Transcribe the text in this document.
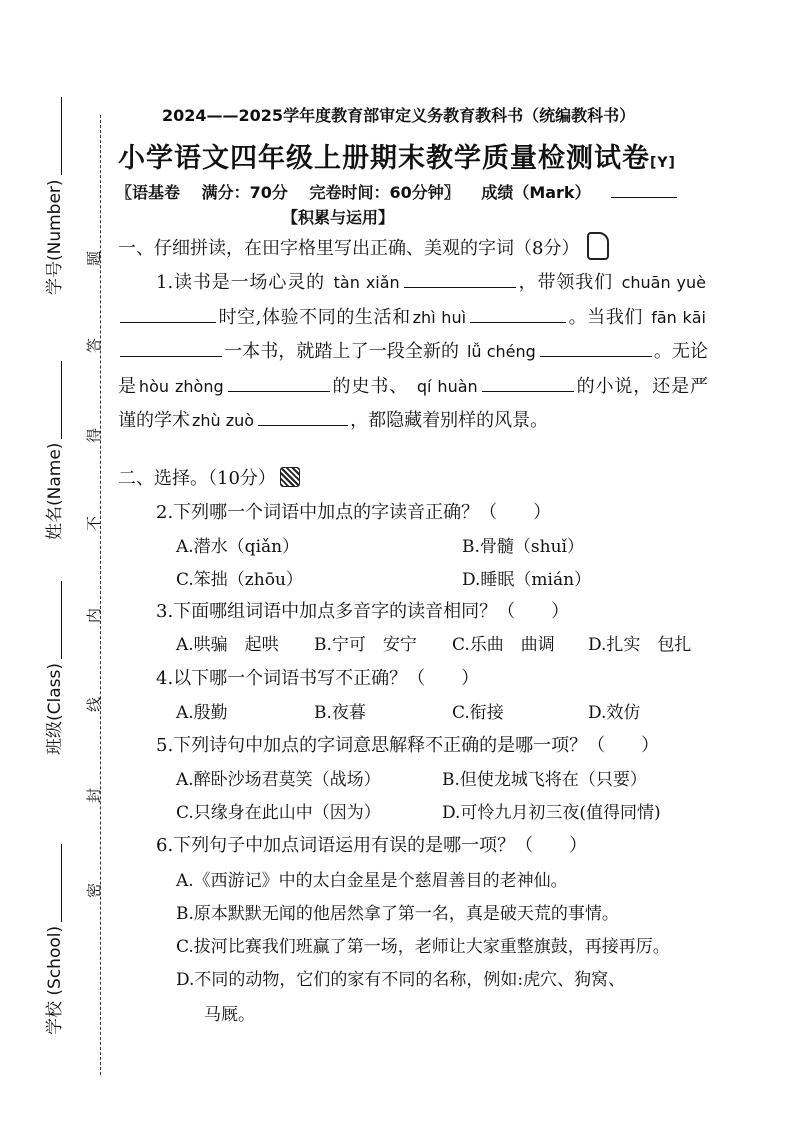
学号(Number)
姓名(Name)
班级(Class)
学校 (School)
题
答
得
不
内
线
封
密
2024——2025学年度教育部审定义务教育教科书（统编教科书）
小学语文四年级上册期末教学质量检测试卷[Y]
〖语基卷 满分：70分 完卷时间：60分钟〗 成绩（Mark）
【积累与运用】
一、仔细拼读，在田字格里写出正确、美观的字词（8分）
1.读书是一场心灵的 tàn xiǎn	，带领我们 chuān yuè时空,体验不同的生活和 zhì huì	。当我们 fān kāi一本书，就踏上了一段全新的 lǚ chéng	。无论是 hòu zhòng	的史书、 qí huàn	的小说，还是严谨的学术 zhù zuò	，都隐藏着别样的风景。
二、选择。（10分）
2.下列哪一个词语中加点的字读音正确？（　　）
A.潜水（qiǎn）	B.骨髓（shuǐ）
C.笨拙（zhōu）	D.睡眠（mián）
3.下面哪组词语中加点多音字的读音相同？（　　）
A.哄骗　起哄 B.宁可　安宁 C.乐曲　曲调 D.扎实　包扎
4.以下哪一个词语书写不正确？（　　）
A.殷勤	B.夜暮	C.衔接	D.效仿
5.下列诗句中加点的字词意思解释不正确的是哪一项？（　　）
A.醉卧沙场君莫笑（战场）	B.但使龙城飞将在（只要）
C.只缘身在此山中（因为）	D.可怜九月初三夜(值得同情)
6.下列句子中加点词语运用有误的是哪一项？（　　）
A.《西游记》中的太白金星是个慈眉善目的老神仙。
B.原本默默无闻的他居然拿了第一名，真是破天荒的事情。
C.拔河比赛我们班赢了第一场，老师让大家重整旗鼓，再接再厉。
D.不同的动物，它们的家有不同的名称，例如:虎穴、狗窝、
马厩。
